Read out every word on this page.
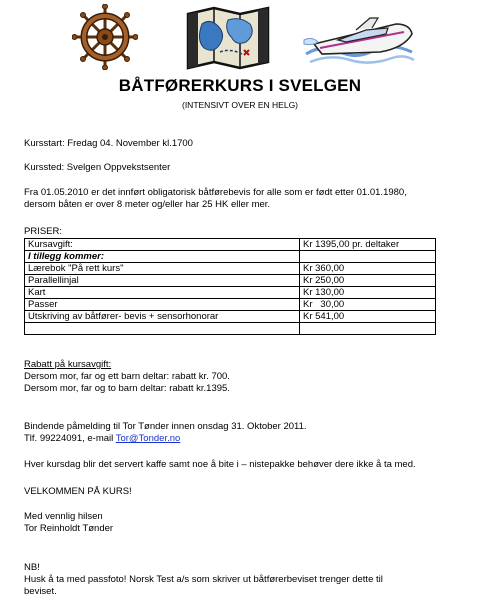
BÅTFØRERKURS I SVELGEN
(INTENSIVT OVER EN HELG)
Kursstart: Fredag 04. November kl.1700
Kurssted: Svelgen Oppvekstsenter
Fra 01.05.2010 er det innført obligatorisk båtførebevis for alle som er født etter 01.01.1980,
dersom båten er over 8 meter og/eller har 25 HK eller mer.
PRISER:
Kursavgift:	Kr 1395,00 pr. deltaker
I tillegg kommer:	
Lærebok "På rett kurs"	Kr 360,00
Parallellinjal	Kr 250,00
Kart	Kr 130,00
Passer	Kr   30,00
Utskriving av båtfører- bevis + sensorhonorar	Kr 541,00

Rabatt på kursavgift:
Dersom mor, far og ett barn deltar: rabatt kr. 700.
Dersom mor, far og to barn deltar: rabatt kr.1395.
Bindende påmelding til Tor Tønder innen onsdag 31. Oktober 2011.
Tlf. 99224091, e-mail Tor@Tonder.no
Hver kursdag blir det servert kaffe samt noe å bite i – nistepakke behøver dere ikke å ta med.
VELKOMMEN PÅ KURS!
Med vennlig hilsen
Tor Reinholdt Tønder
NB!
Husk å ta med passfoto! Norsk Test a/s som skriver ut båtførerbeviset trenger dette til
beviset.
